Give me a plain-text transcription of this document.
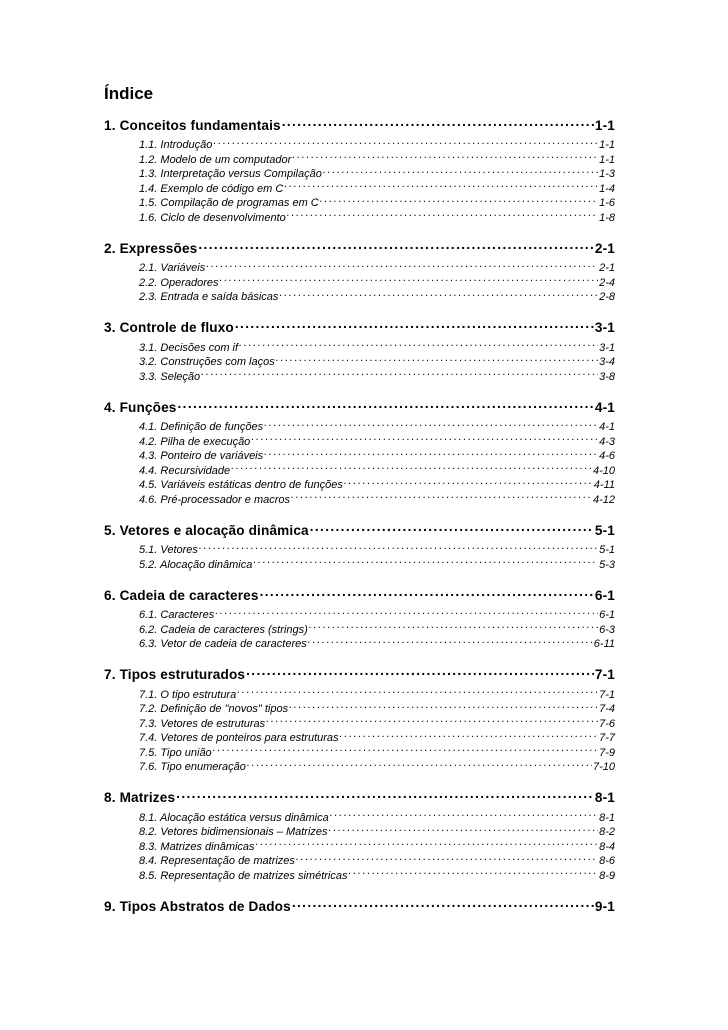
Índice
1. Conceitos fundamentais . . .	1-1
1.1. Introdução . . .	1-1
1.2. Modelo de um computador . . .	1-1
1.3. Interpretação versus Compilação . . .	1-3
1.4. Exemplo de código em C . . .	1-4
1.5. Compilação de programas em C . . .	1-6
1.6. Ciclo de desenvolvimento . . .	1-8
2. Expressões . . .	2-1
2.1. Variáveis . . .	2-1
2.2. Operadores . . .	2-4
2.3. Entrada e saída básicas . . .	2-8
3. Controle de fluxo . . .	3-1
3.1. Decisões com if . . .	3-1
3.2. Construções com laços . . .	3-4
3.3. Seleção . . .	3-8
4. Funções . . .	4-1
4.1. Definição de funções . . .	4-1
4.2. Pilha de execução . . .	4-3
4.3. Ponteiro de variáveis . . .	4-6
4.4. Recursividade . . .	4-10
4.5. Variáveis estáticas dentro de funções . . .	4-11
4.6. Pré-processador e macros . . .	4-12
5. Vetores e alocação dinâmica . . .	5-1
5.1. Vetores . . .	5-1
5.2. Alocação dinâmica . . .	5-3
6. Cadeia de caracteres . . .	6-1
6.1. Caracteres . . .	6-1
6.2. Cadeia de caracteres (strings) . . .	6-3
6.3. Vetor de cadeia de caracteres . . .	6-11
7. Tipos estruturados . . .	7-1
7.1. O tipo estrutura . . .	7-1
7.2. Definição de "novos" tipos . . .	7-4
7.3. Vetores de estruturas . . .	7-6
7.4. Vetores de ponteiros para estruturas . . .	7-7
7.5. Tipo união . . .	7-9
7.6. Tipo enumeração . . .	7-10
8. Matrizes . . .	8-1
8.1. Alocação estática versus dinâmica . . .	8-1
8.2. Vetores bidimensionais – Matrizes . . .	8-2
8.3. Matrizes dinâmicas . . .	8-4
8.4. Representação de matrizes . . .	8-6
8.5. Representação de matrizes simétricas . . .	8-9
9. Tipos Abstratos de Dados . . .	9-1
